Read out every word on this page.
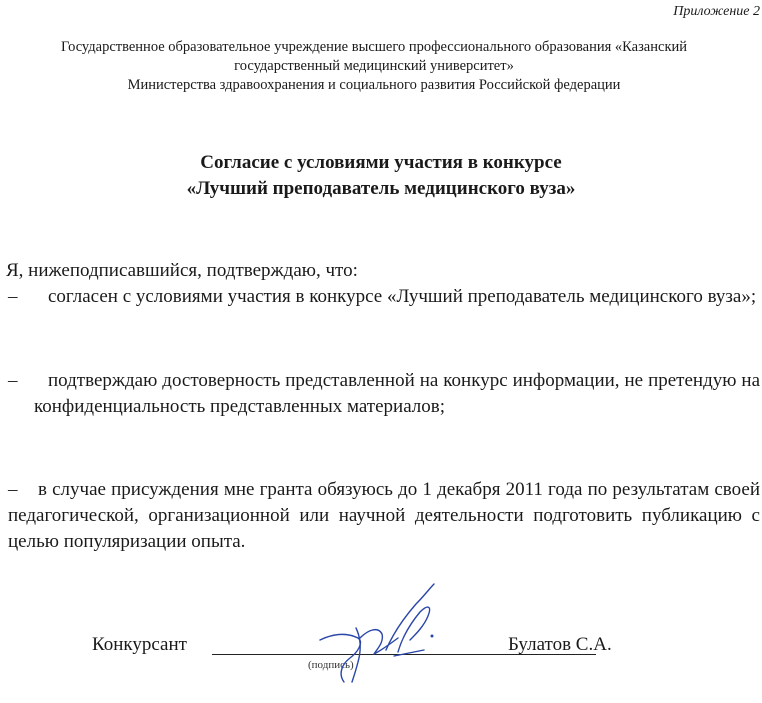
Приложение 2
Государственное образовательное учреждение высшего профессионального образования «Казанский
государственный медицинский университет»
Министерства здравоохранения и социального развития Российской федерации
Согласие с условиями участия в конкурсе
«Лучший преподаватель медицинского вуза»
Я, нижеподписавшийся, подтверждаю, что:
–	согласен с условиями участия в конкурсе «Лучший преподаватель медицинского вуза»;
–	подтверждаю достоверность представленной на конкурс информации, не претендую на конфиденциальность представленных материалов;
–	в случае присуждения мне гранта обязуюсь до 1 декабря 2011 года по результатам своей педагогической, организационной или научной деятельности подготовить публикацию с целью популяризации опыта.
Конкурсант
(подпись)
Булатов С.А.
